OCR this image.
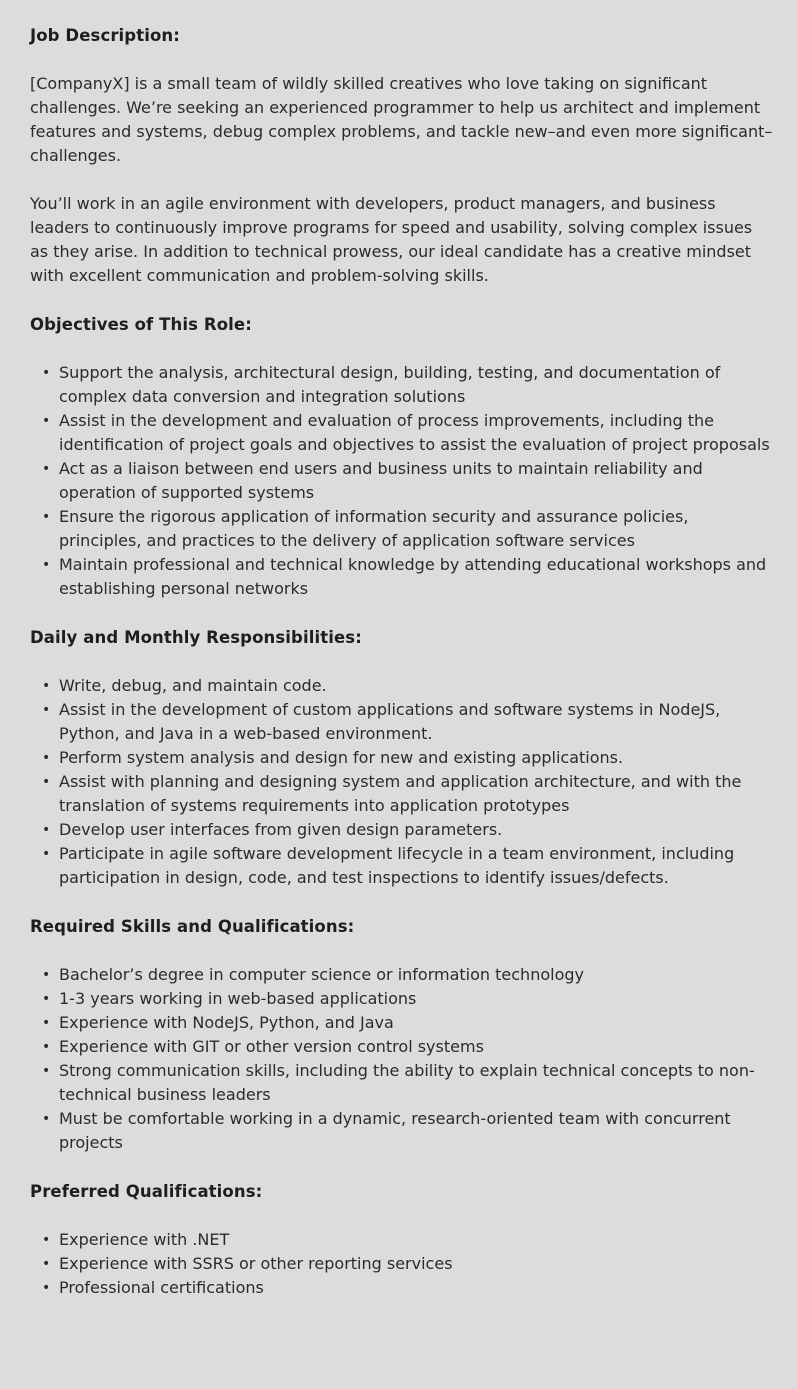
Job Description:

[CompanyX] is a small team of wildly skilled creatives who love taking on significant challenges. We’re seeking an experienced programmer to help us architect and implement features and systems, debug complex problems, and tackle new–and even more significant–challenges.

You’ll work in an agile environment with developers, product managers, and business leaders to continuously improve programs for speed and usability, solving complex issues as they arise. In addition to technical prowess, our ideal candidate has a creative mindset with excellent communication and problem-solving skills.

Objectives of This Role:
• Support the analysis, architectural design, building, testing, and documentation of complex data conversion and integration solutions
• Assist in the development and evaluation of process improvements, including the identification of project goals and objectives to assist the evaluation of project proposals
• Act as a liaison between end users and business units to maintain reliability and operation of supported systems
• Ensure the rigorous application of information security and assurance policies, principles, and practices to the delivery of application software services
• Maintain professional and technical knowledge by attending educational workshops and establishing personal networks
Daily and Monthly Responsibilities:
• Write, debug, and maintain code.
• Assist in the development of custom applications and software systems in NodeJS, Python, and Java in a web-based environment.
• Perform system analysis and design for new and existing applications.
• Assist with planning and designing system and application architecture, and with the translation of systems requirements into application prototypes
• Develop user interfaces from given design parameters.
• Participate in agile software development lifecycle in a team environment, including participation in design, code, and test inspections to identify issues/defects.
Required Skills and Qualifications:
• Bachelor’s degree in computer science or information technology
• 1-3 years working in web-based applications
• Experience with NodeJS, Python, and Java
• Experience with GIT or other version control systems
• Strong communication skills, including the ability to explain technical concepts to non-technical business leaders
• Must be comfortable working in a dynamic, research-oriented team with concurrent projects
Preferred Qualifications:
• Experience with .NET
• Experience with SSRS or other reporting services
• Professional certifications
